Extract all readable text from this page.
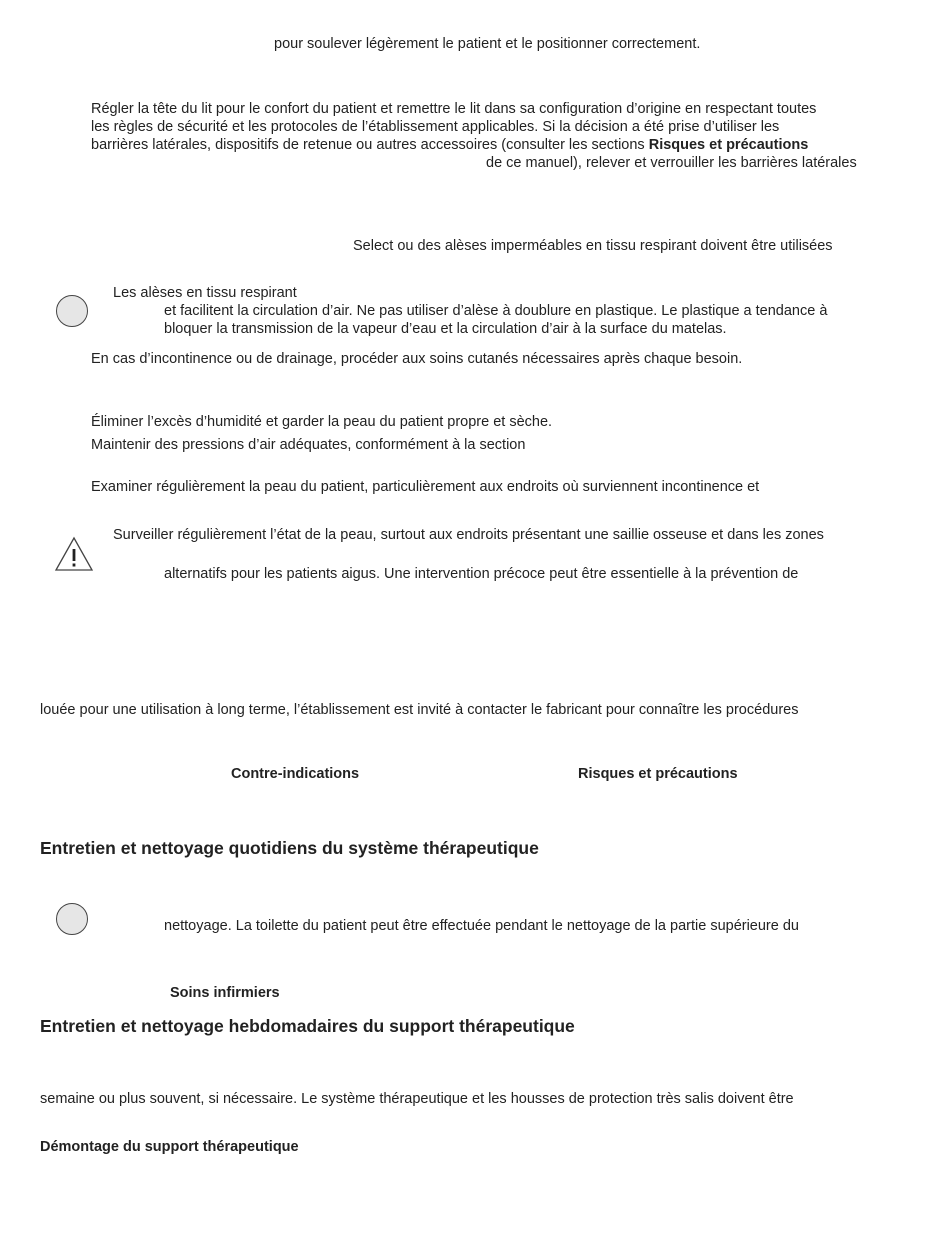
pour soulever légèrement le patient et le positionner correctement.
Régler la tête du lit pour le confort du patient et remettre le lit dans sa configuration d’origine en respectant toutes
les règles de sécurité et les protocoles de l’établissement applicables. Si la décision a été prise d’utiliser les
barrières latérales, dispositifs de retenue ou autres accessoires (consulter les sections Risques et précautions
de ce manuel), relever et verrouiller les barrières latérales
Select ou des alèses imperméables en tissu respirant doivent être utilisées
Les alèses en tissu respirant
et facilitent la circulation d’air. Ne pas utiliser d’alèse à doublure en plastique. Le plastique a tendance à
bloquer la transmission de la vapeur d’eau et la circulation d’air à la surface du matelas.
En cas d’incontinence ou de drainage, procéder aux soins cutanés nécessaires après chaque besoin.
Éliminer l’excès d’humidité et garder la peau du patient propre et sèche.
Maintenir des pressions d’air adéquates, conformément à la section
Examiner régulièrement la peau du patient, particulièrement aux endroits où surviennent incontinence et
Surveiller régulièrement l’état de la peau, surtout aux endroits présentant une saillie osseuse et dans les zones
alternatifs pour les patients aigus. Une intervention précoce peut être essentielle à la prévention de
louée pour une utilisation à long terme, l’établissement est invité à contacter le fabricant pour connaître les procédures
Contre-indications	Risques et précautions
Entretien et nettoyage quotidiens du système thérapeutique
nettoyage. La toilette du patient peut être effectuée pendant le nettoyage de la partie supérieure du
Soins infirmiers
Entretien et nettoyage hebdomadaires du support thérapeutique
semaine ou plus souvent, si nécessaire. Le système thérapeutique et les housses de protection très salis doivent être
Démontage du support thérapeutique
